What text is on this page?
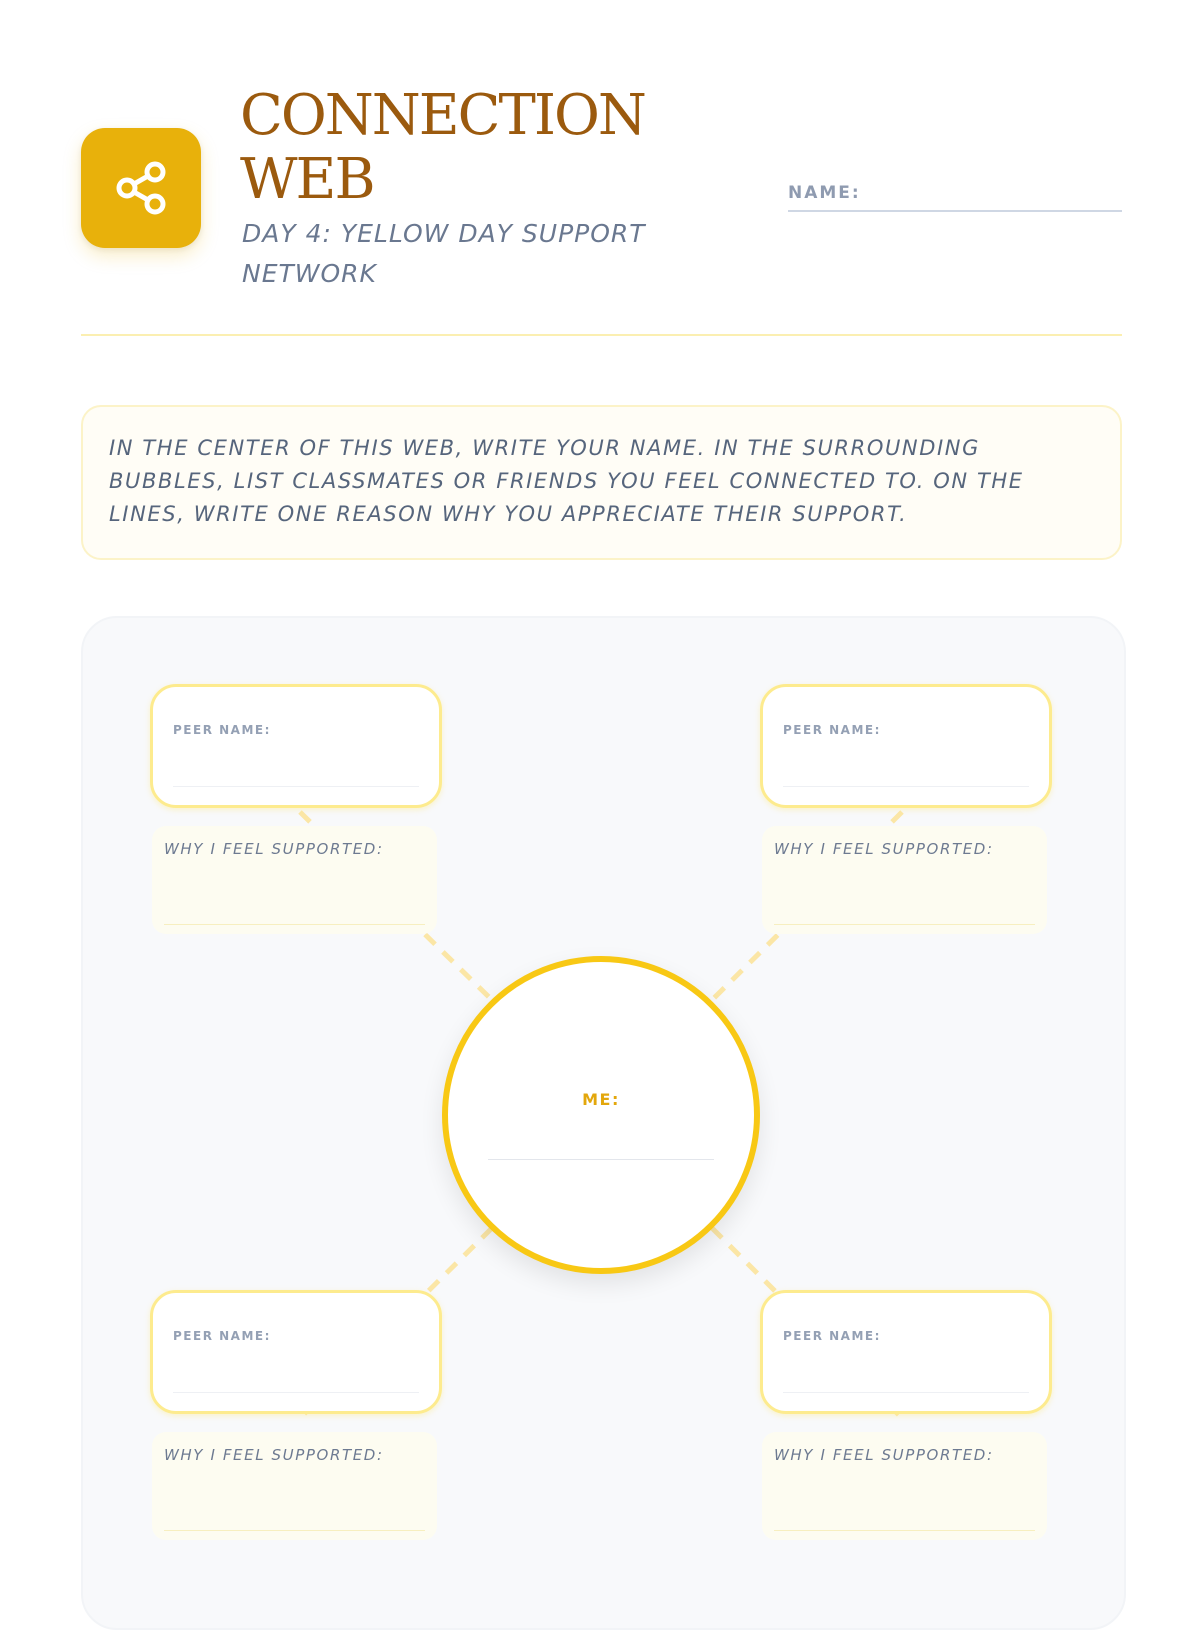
CONNECTION WEB
DAY 4: YELLOW DAY SUPPORT NETWORK
NAME:

IN THE CENTER OF THIS WEB, WRITE YOUR NAME. IN THE SURROUNDING BUBBLES, LIST CLASSMATES OR FRIENDS YOU FEEL CONNECTED TO. ON THE LINES, WRITE ONE REASON WHY YOU APPRECIATE THEIR SUPPORT.

PEER NAME:
WHY I FEEL SUPPORTED:
PEER NAME:
WHY I FEEL SUPPORTED:
ME:
PEER NAME:
WHY I FEEL SUPPORTED:
PEER NAME:
WHY I FEEL SUPPORTED:
